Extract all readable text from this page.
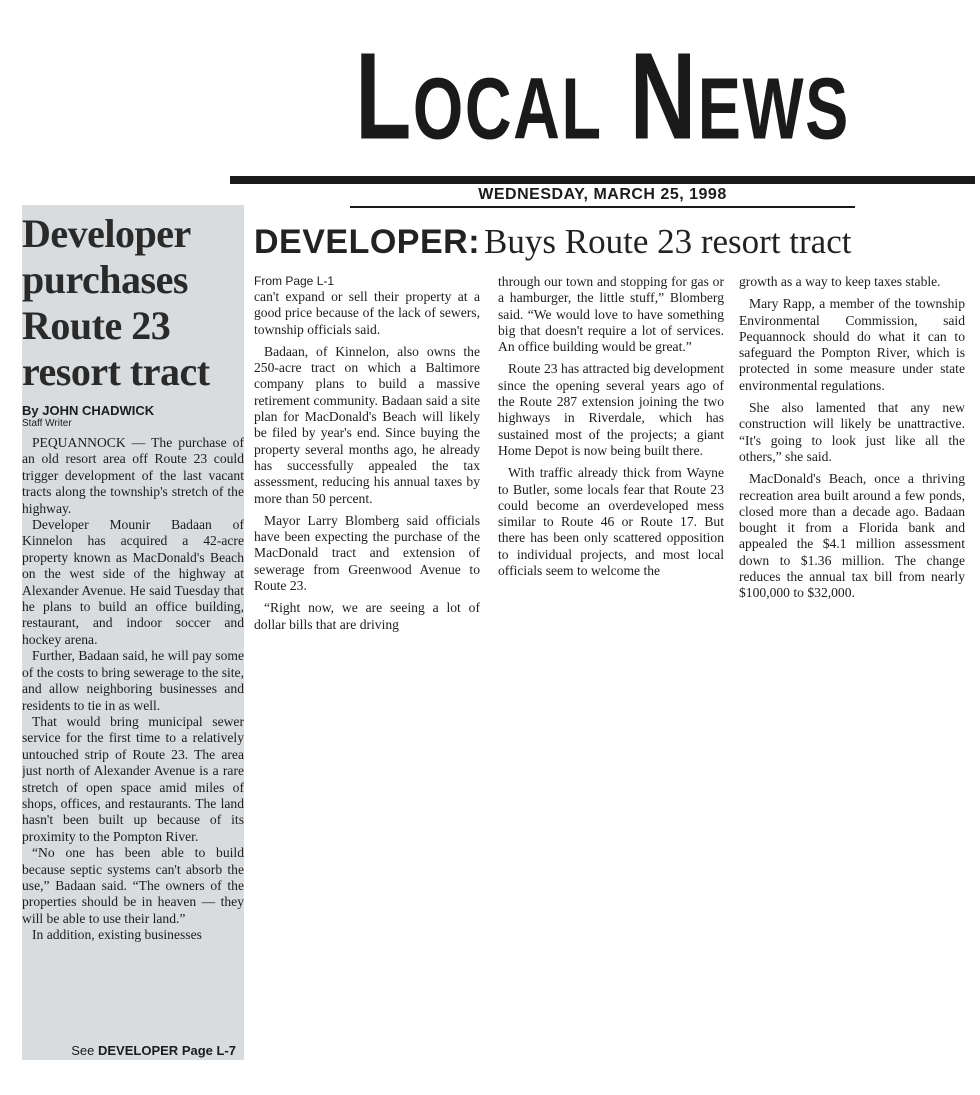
Local News
WEDNESDAY, MARCH 25, 1998
Developer purchases Route 23 resort tract
By JOHN CHADWICK
Staff Writer

PEQUANNOCK — The purchase of an old resort area off Route 23 could trigger development of the last vacant tracts along the township's stretch of the highway.

Developer Mounir Badaan of Kinnelon has acquired a 42-acre property known as MacDonald's Beach on the west side of the highway at Alexander Avenue. He said Tuesday that he plans to build an office building, restaurant, and indoor soccer and hockey arena.

Further, Badaan said, he will pay some of the costs to bring sewerage to the site, and allow neighboring businesses and residents to tie in as well.

That would bring municipal sewer service for the first time to a relatively untouched strip of Route 23. The area just north of Alexander Avenue is a rare stretch of open space amid miles of shops, offices, and restaurants. The land hasn't been built up because of its proximity to the Pompton River.

“No one has been able to build because septic systems can't absorb the use,” Badaan said. “The owners of the properties should be in heaven — they will be able to use their land.”

In addition, existing businesses

See DEVELOPER Page L-7
DEVELOPER: Buys Route 23 resort tract

From Page L-1

can't expand or sell their property at a good price because of the lack of sewers, township officials said.

Badaan, of Kinnelon, also owns the 250-acre tract on which a Baltimore company plans to build a massive retirement community. Badaan said a site plan for MacDonald's Beach will likely be filed by year's end. Since buying the property several months ago, he already has successfully appealed the tax assessment, reducing his annual taxes by more than 50 percent.

Mayor Larry Blomberg said officials have been expecting the purchase of the MacDonald tract and extension of sewerage from Greenwood Avenue to Route 23.

“Right now, we are seeing a lot of dollar bills that are driving

through our town and stopping for gas or a hamburger, the little stuff,” Blomberg said. “We would love to have something big that doesn't require a lot of services. An office building would be great.”

Route 23 has attracted big development since the opening several years ago of the Route 287 extension joining the two highways in Riverdale, which has sustained most of the projects; a giant Home Depot is now being built there.

With traffic already thick from Wayne to Butler, some locals fear that Route 23 could become an overdeveloped mess similar to Route 46 or Route 17. But there has been only scattered opposition to individual projects, and most local officials seem to welcome the

growth as a way to keep taxes stable.

Mary Rapp, a member of the township Environmental Commission, said Pequannock should do what it can to safeguard the Pompton River, which is protected in some measure under state environmental regulations.

She also lamented that any new construction will likely be unattractive. “It's going to look just like all the others,” she said.

MacDonald's Beach, once a thriving recreation area built around a few ponds, closed more than a decade ago. Badaan bought it from a Florida bank and appealed the $4.1 million assessment down to $1.36 million. The change reduces the annual tax bill from nearly $100,000 to $32,000.
